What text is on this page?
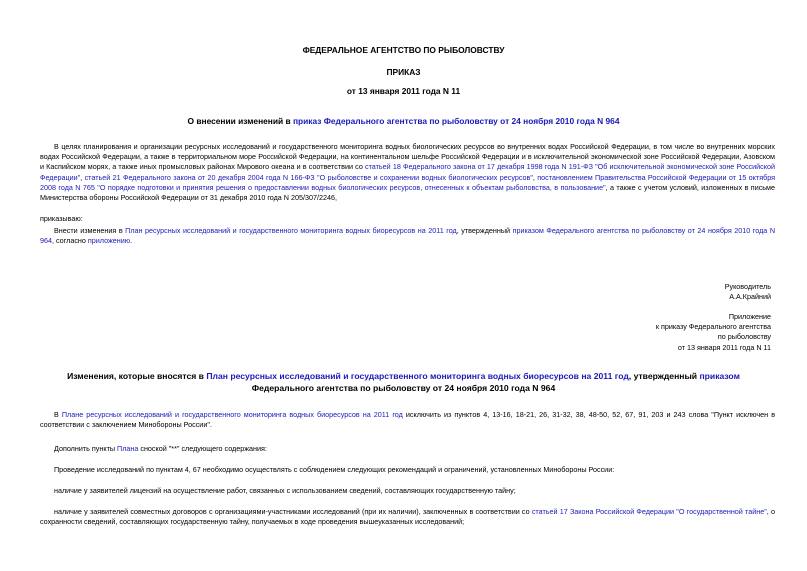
ФЕДЕРАЛЬНОЕ АГЕНТСТВО ПО РЫБОЛОВСТВУ
ПРИКАЗ
от 13 января 2011 года N 11
О внесении изменений в приказ Федерального агентства по рыболовству от 24 ноября 2010 года N 964
В целях планирования и организации ресурсных исследований и государственного мониторинга водных биологических ресурсов во внутренних водах Российской Федерации, в том числе во внутренних морских водах Российской Федерации, а также в территориальном море Российской Федерации, на континентальном шельфе Российской Федерации и в исключительной экономической зоне Российской Федерации, Азовском и Каспийском морях, а также иных промысловых районах Мирового океана и в соответствии со статьей 18 Федерального закона от 17 декабря 1998 года N 191-ФЗ "Об исключительной экономической зоне Российской Федерации", статьей 21 Федерального закона от 20 декабря 2004 года N 166-ФЗ "О рыболовстве и сохранении водных биологических ресурсов", постановлением Правительства Российской Федерации от 15 октября 2008 года N 765 "О порядке подготовки и принятия решения о предоставлении водных биологических ресурсов, отнесенных к объектам рыболовства, в пользование", а также с учетом условий, изложенных в письме Министерства обороны Российской Федерации от 31 декабря 2010 года N 205/307/2246,
приказываю:
Внести изменения в План ресурсных исследований и государственного мониторинга водных биоресурсов на 2011 год, утвержденный приказом Федерального агентства по рыболовству от 24 ноября 2010 года N 964, согласно приложению.
Руководитель
А.А.Крайний
Приложение
к приказу Федерального агентства
по рыболовству
от 13 января 2011 года N 11
Изменения, которые вносятся в План ресурсных исследований и государственного мониторинга водных биоресурсов на 2011 год, утвержденный приказом
Федерального агентства по рыболовству от 24 ноября 2010 года N 964
В Плане ресурсных исследований и государственного мониторинга водных биоресурсов на 2011 год исключить из пунктов 4, 13-16, 18-21, 26, 31-32, 38, 48-50, 52, 67, 91, 203 и 243 слова "Пункт исключен в соответствии с заключением Минобороны России".
Дополнить пункты Плана сноской "**" следующего содержания:
Проведение исследований по пунктам 4, 67 необходимо осуществлять с соблюдением следующих рекомендаций и ограничений, установленных Минобороны России:
наличие у заявителей лицензий на осуществление работ, связанных с использованием сведений, составляющих государственную тайну;
наличие у заявителей совместных договоров с организациями-участниками исследований (при их наличии), заключенных в соответствии со статьей 17 Закона Российской Федерации "О государственной тайне", о сохранности сведений, составляющих государственную тайну, получаемых в ходе проведения вышеуказанных исследований;
